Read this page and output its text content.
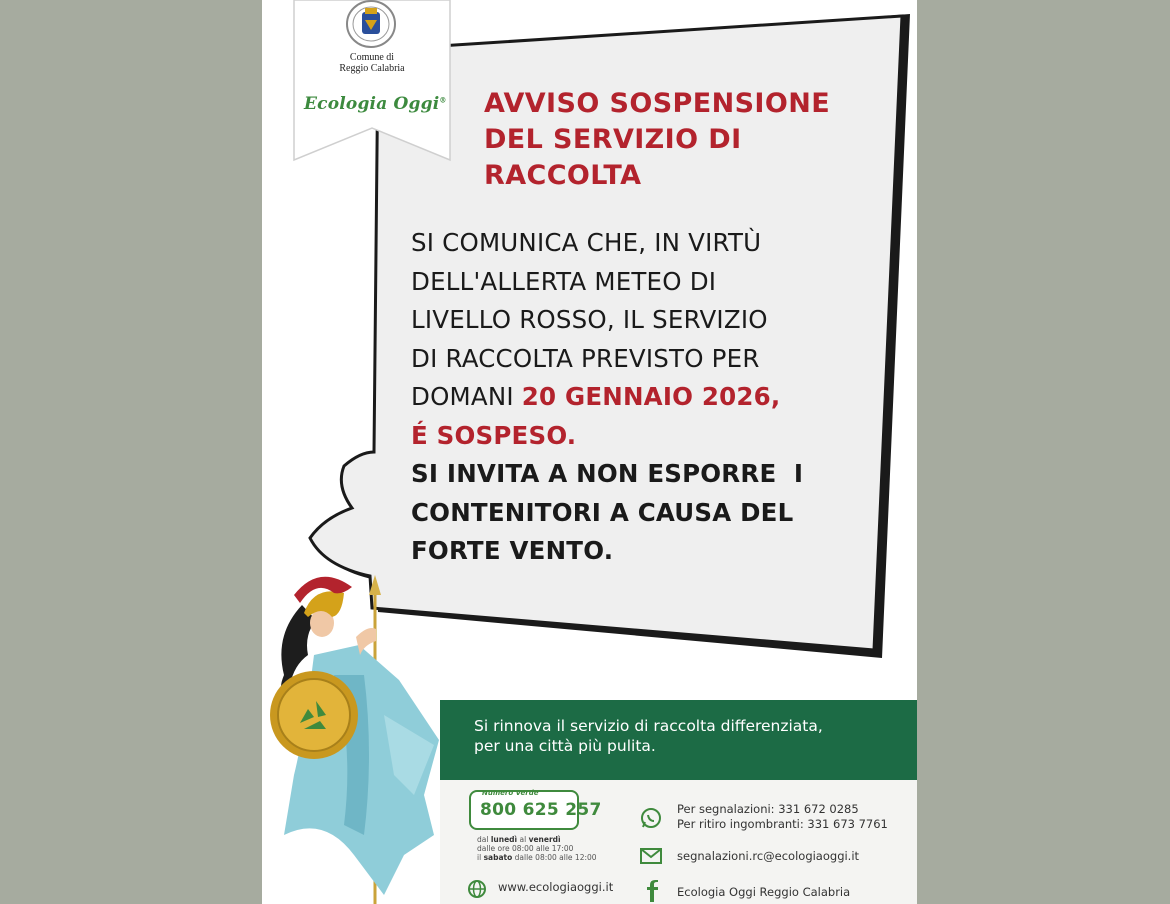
Comune di
Reggio Calabria
Ecologia Oggi® AVVISO SOSPENSIONE
DEL SERVIZIO DI
RACCOLTA
SI COMUNICA CHE, IN VIRTÙ
DELL'ALLERTA METEO DI
LIVELLO ROSSO, IL SERVIZIO
DI RACCOLTA PREVISTO PER
DOMANI 20 GENNAIO 2026,
É SOSPESO.
SI INVITA A NON ESPORRE  I
CONTENITORI A CAUSA DEL
FORTE VENTO.
Si rinnova il servizio di raccolta differenziata,
per una città più pulita.
Numero Verde
800 625 257
dal lunedì al venerdì
dalle ore 08:00 alle 17:00
il sabato dalle 08:00 alle 12:00
www.ecologiaoggi.it
Per segnalazioni: 331 672 0285
Per ritiro ingombranti: 331 673 7761
segnalazioni.rc@ecologiaoggi.it
Ecologia Oggi Reggio Calabria
